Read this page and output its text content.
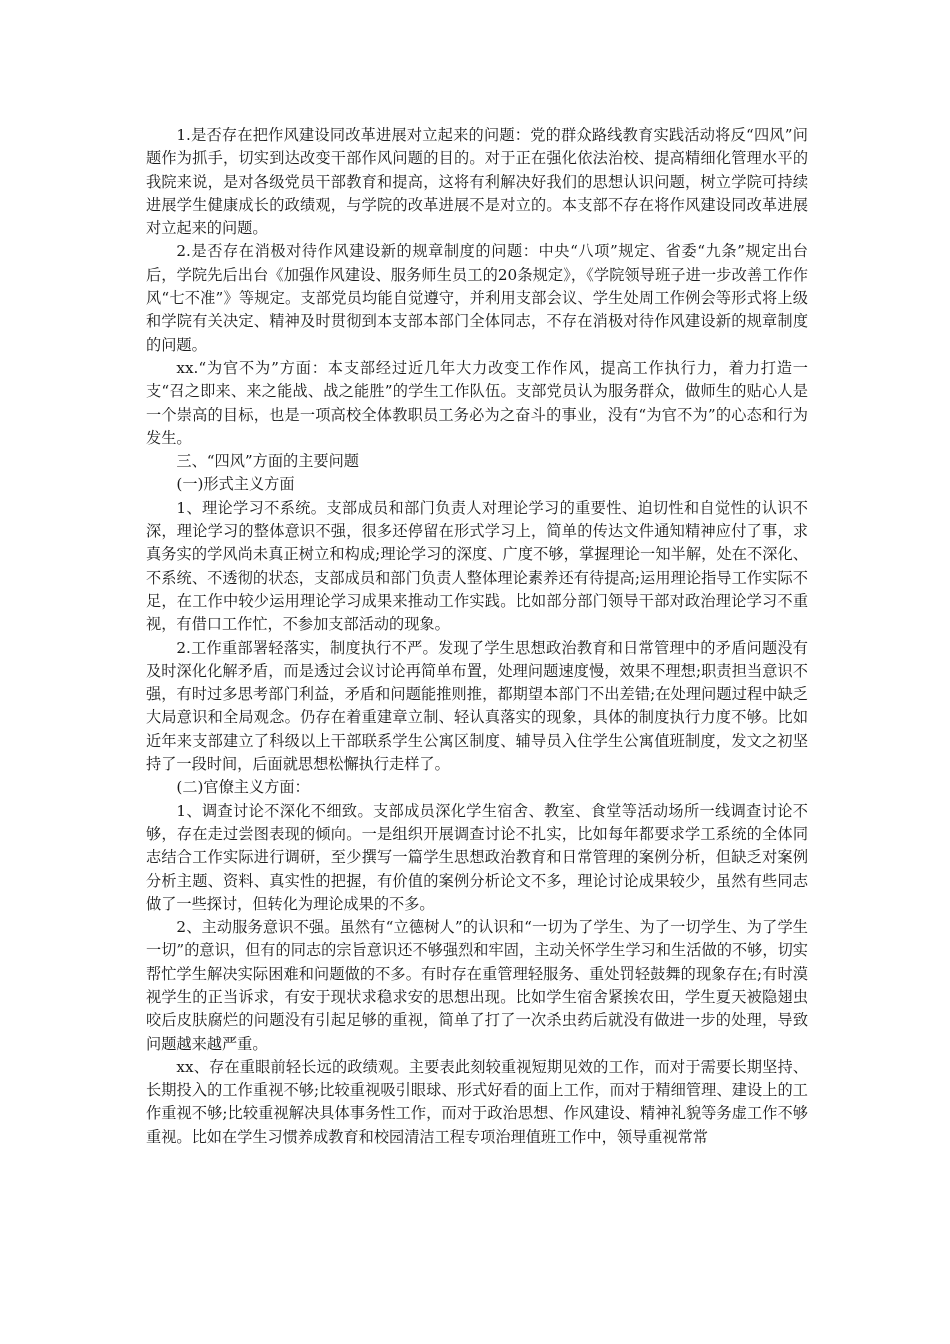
1.是否存在把作风建设同改革进展对立起来的问题：党的群众路线教育实践活动将反“四风”问题作为抓手，切实到达改变干部作风问题的目的。对于正在强化依法治校、提高精细化管理水平的我院来说，是对各级党员干部教育和提高，这将有利解决好我们的思想认识问题，树立学院可持续进展学生健康成长的政绩观，与学院的改革进展不是对立的。本支部不存在将作风建设同改革进展对立起来的问题。

2.是否存在消极对待作风建设新的规章制度的问题：中央“八项”规定、省委“九条”规定出台后，学院先后出台《加强作风建设、服务师生员工的20条规定》，《学院领导班子进一步改善工作作风“七不准”》等规定。支部党员均能自觉遵守，并利用支部会议、学生处周工作例会等形式将上级和学院有关决定、精神及时贯彻到本支部本部门全体同志，不存在消极对待作风建设新的规章制度的问题。

xx.“为官不为”方面：本支部经过近几年大力改变工作作风，提高工作执行力，着力打造一支“召之即来、来之能战、战之能胜”的学生工作队伍。支部党员认为服务群众，做师生的贴心人是一个崇高的目标，也是一项高校全体教职员工务必为之奋斗的事业，没有“为官不为”的心态和行为发生。

三、“四风”方面的主要问题

(一)形式主义方面

1、理论学习不系统。支部成员和部门负责人对理论学习的重要性、迫切性和自觉性的认识不深，理论学习的整体意识不强，很多还停留在形式学习上，简单的传达文件通知精神应付了事，求真务实的学风尚未真正树立和构成;理论学习的深度、广度不够，掌握理论一知半解，处在不深化、不系统、不透彻的状态，支部成员和部门负责人整体理论素养还有待提高;运用理论指导工作实际不足，在工作中较少运用理论学习成果来推动工作实践。比如部分部门领导干部对政治理论学习不重视，有借口工作忙，不参加支部活动的现象。

2.工作重部署轻落实，制度执行不严。发现了学生思想政治教育和日常管理中的矛盾问题没有及时深化化解矛盾，而是透过会议讨论再简单布置，处理问题速度慢，效果不理想;职责担当意识不强，有时过多思考部门利益，矛盾和问题能推则推，都期望本部门不出差错;在处理问题过程中缺乏大局意识和全局观念。仍存在着重建章立制、轻认真落实的现象，具体的制度执行力度不够。比如近年来支部建立了科级以上干部联系学生公寓区制度、辅导员入住学生公寓值班制度，发文之初坚持了一段时间，后面就思想松懈执行走样了。

(二)官僚主义方面：

1、调查讨论不深化不细致。支部成员深化学生宿舍、教室、食堂等活动场所一线调查讨论不够，存在走过尝图表现的倾向。一是组织开展调查讨论不扎实，比如每年都要求学工系统的全体同志结合工作实际进行调研，至少撰写一篇学生思想政治教育和日常管理的案例分析，但缺乏对案例分析主题、资料、真实性的把握，有价值的案例分析论文不多，理论讨论成果较少，虽然有些同志做了一些探讨，但转化为理论成果的不多。

2、主动服务意识不强。虽然有“立德树人”的认识和“一切为了学生、为了一切学生、为了学生一切”的意识，但有的同志的宗旨意识还不够强烈和牢固，主动关怀学生学习和生活做的不够，切实帮忙学生解决实际困难和问题做的不多。有时存在重管理轻服务、重处罚轻鼓舞的现象存在;有时漠视学生的正当诉求，有安于现状求稳求安的思想出现。比如学生宿舍紧挨农田，学生夏天被隐翅虫咬后皮肤腐烂的问题没有引起足够的重视，简单了打了一次杀虫药后就没有做进一步的处理，导致问题越来越严重。

xx、存在重眼前轻长远的政绩观。主要表此刻较重视短期见效的工作，而对于需要长期坚持、长期投入的工作重视不够;比较重视吸引眼球、形式好看的面上工作，而对于精细管理、建设上的工作重视不够;比较重视解决具体事务性工作，而对于政治思想、作风建设、精神礼貌等务虚工作不够重视。比如在学生习惯养成教育和校园清洁工程专项治理值班工作中，领导重视常常
